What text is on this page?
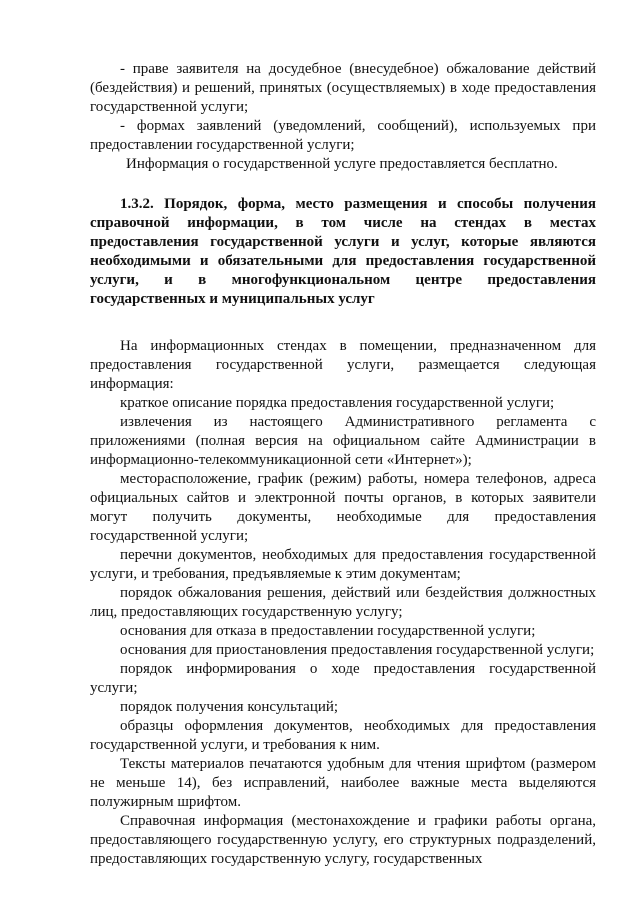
- праве заявителя на досудебное (внесудебное) обжалование действий (бездействия) и решений, принятых (осуществляемых) в ходе предоставления государственной услуги;

- формах заявлений (уведомлений, сообщений), используемых при предоставлении государственной услуги;

Информация о государственной услуге предоставляется бесплатно.

1.3.2. Порядок, форма, место размещения и способы получения справочной информации, в том числе на стендах в местах предоставления государственной услуги и услуг, которые являются необходимыми и обязательными для предоставления государственной услуги, и в многофункциональном центре предоставления государственных и муниципальных услуг

На информационных стендах в помещении, предназначенном для предоставления государственной услуги, размещается следующая информация:

краткое описание порядка предоставления государственной услуги;

извлечения из настоящего Административного регламента с приложениями (полная версия на официальном сайте Администрации в информационно-телекоммуникационной сети «Интернет»);

месторасположение, график (режим) работы, номера телефонов, адреса официальных сайтов и электронной почты органов, в которых заявители могут получить документы, необходимые для предоставления государственной услуги;

перечни документов, необходимых для предоставления государственной услуги, и требования, предъявляемые к этим документам;

порядок обжалования решения, действий или бездействия должностных лиц, предоставляющих государственную услугу;

основания для отказа в предоставлении государственной услуги;

основания для приостановления предоставления государственной услуги;

порядок информирования о ходе предоставления государственной услуги;

порядок получения консультаций;

образцы оформления документов, необходимых для предоставления государственной услуги, и требования к ним.

Тексты материалов печатаются удобным для чтения шрифтом (размером не меньше 14), без исправлений, наиболее важные места выделяются полужирным шрифтом.

Справочная информация (местонахождение и графики работы органа, предоставляющего государственную услугу, его структурных подразделений, предоставляющих государственную услугу, государственных
